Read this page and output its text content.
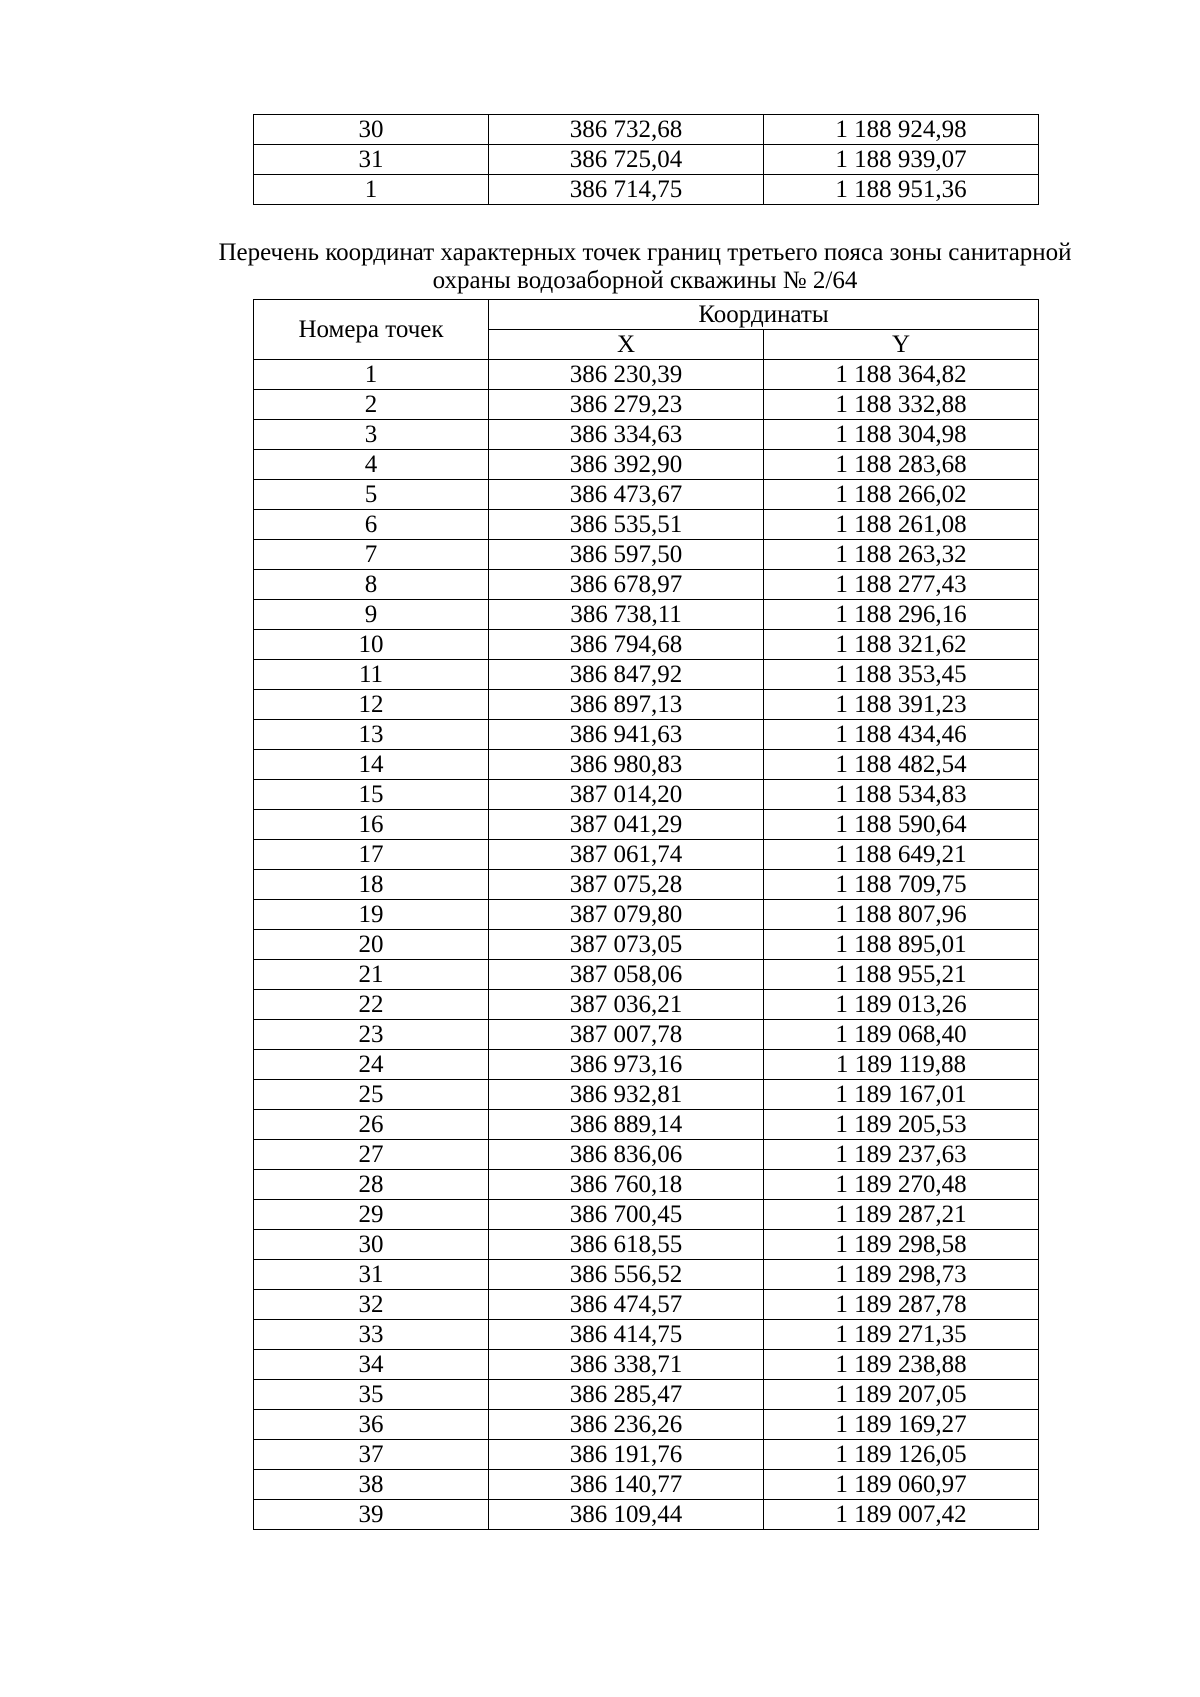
30	386 732,68	1 188 924,98
31	386 725,04	1 188 939,07
1	386 714,75	1 188 951,36
Перечень координат характерных точек границ третьего пояса зоны санитарной
охраны водозаборной скважины № 2/64
Номера точек	Координаты	
	X	Y
1	386 230,39	1 188 364,82
2	386 279,23	1 188 332,88
3	386 334,63	1 188 304,98
4	386 392,90	1 188 283,68
5	386 473,67	1 188 266,02
6	386 535,51	1 188 261,08
7	386 597,50	1 188 263,32
8	386 678,97	1 188 277,43
9	386 738,11	1 188 296,16
10	386 794,68	1 188 321,62
11	386 847,92	1 188 353,45
12	386 897,13	1 188 391,23
13	386 941,63	1 188 434,46
14	386 980,83	1 188 482,54
15	387 014,20	1 188 534,83
16	387 041,29	1 188 590,64
17	387 061,74	1 188 649,21
18	387 075,28	1 188 709,75
19	387 079,80	1 188 807,96
20	387 073,05	1 188 895,01
21	387 058,06	1 188 955,21
22	387 036,21	1 189 013,26
23	387 007,78	1 189 068,40
24	386 973,16	1 189 119,88
25	386 932,81	1 189 167,01
26	386 889,14	1 189 205,53
27	386 836,06	1 189 237,63
28	386 760,18	1 189 270,48
29	386 700,45	1 189 287,21
30	386 618,55	1 189 298,58
31	386 556,52	1 189 298,73
32	386 474,57	1 189 287,78
33	386 414,75	1 189 271,35
34	386 338,71	1 189 238,88
35	386 285,47	1 189 207,05
36	386 236,26	1 189 169,27
37	386 191,76	1 189 126,05
38	386 140,77	1 189 060,97
39	386 109,44	1 189 007,42
